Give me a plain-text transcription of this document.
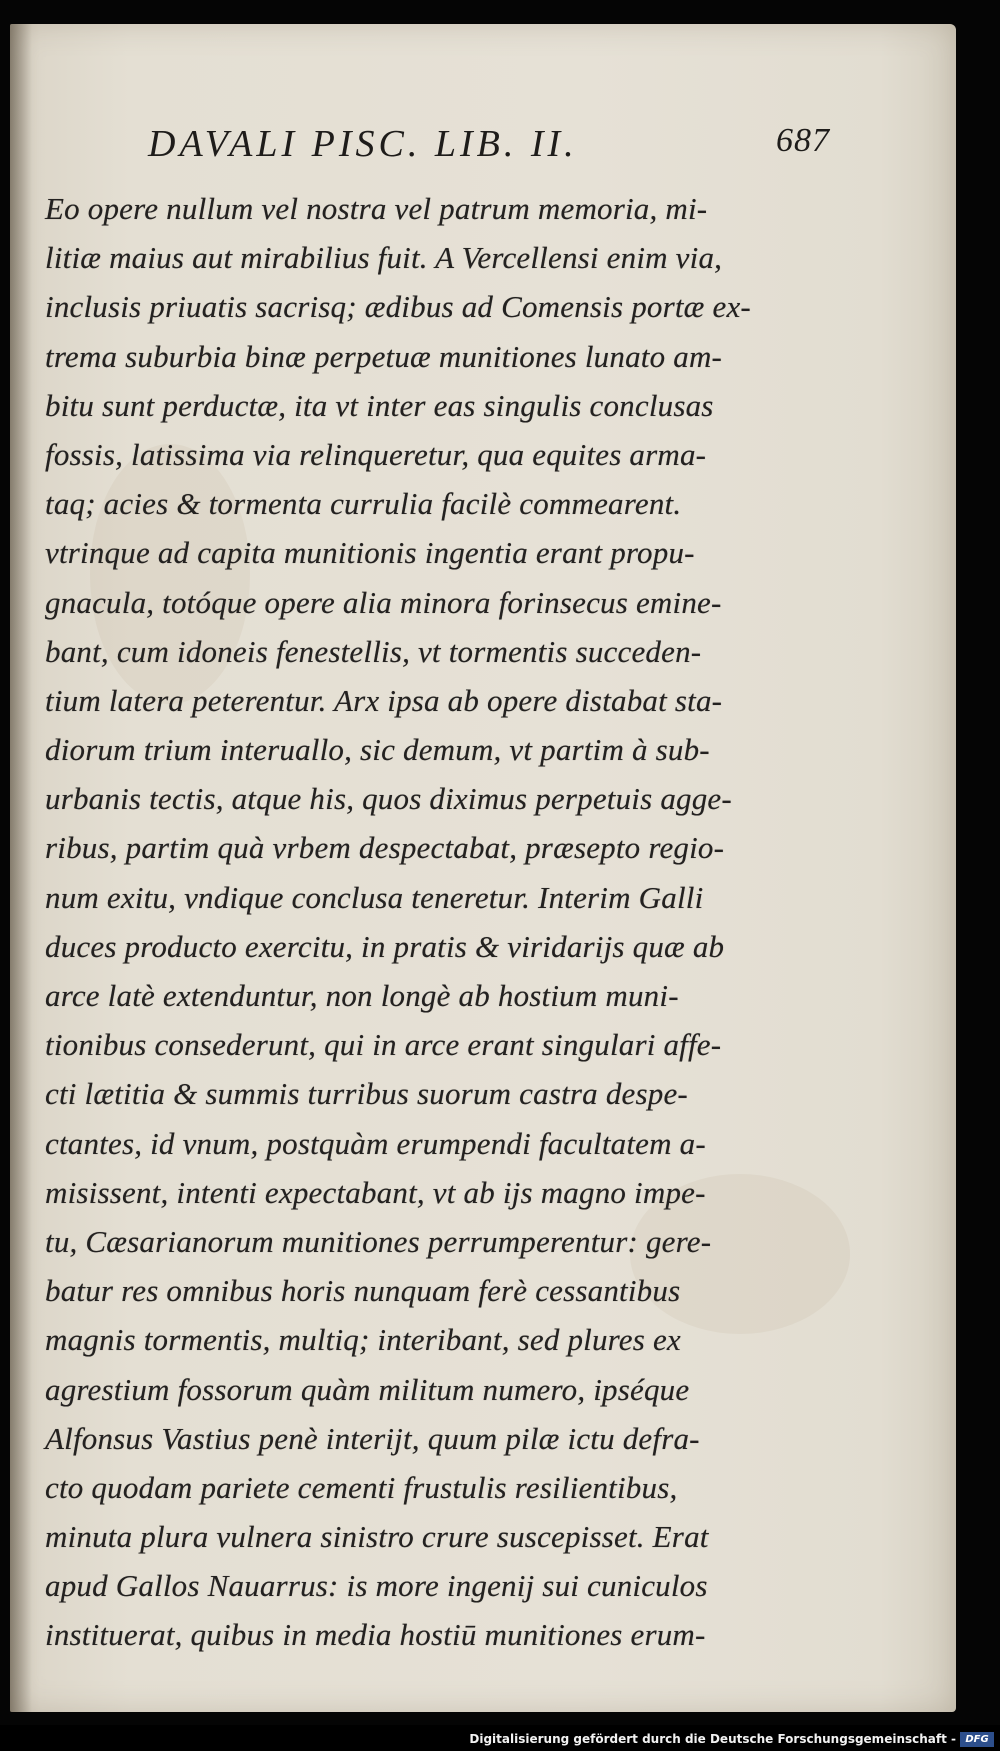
DAVALI PISC. LIB. II.	687
Eo opere nullum vel nostra vel patrum memoria, mi-
litiæ maius aut mirabilius fuit. A Vercellensi enim via,
inclusis priuatis sacrisq; ædibus ad Comensis portæ ex-
trema suburbia binæ perpetuæ munitiones lunato am-
bitu sunt perductæ, ita vt inter eas singulis conclusas
fossis, latissima via relinqueretur, qua equites arma-
taq; acies & tormenta currulia facilè commearent.
vtrinque ad capita munitionis ingentia erant propu-
gnacula, totóque opere alia minora forinsecus emine-
bant, cum idoneis fenestellis, vt tormentis succeden-
tium latera peterentur. Arx ipsa ab opere distabat sta-
diorum trium interuallo, sic demum, vt partim à sub-
urbanis tectis, atque his, quos diximus perpetuis agge-
ribus, partim quà vrbem despectabat, præsepto regio-
num exitu, vndique conclusa teneretur. Interim Galli
duces producto exercitu, in pratis & viridarijs quæ ab
arce latè extenduntur, non longè ab hostium muni-
tionibus consederunt, qui in arce erant singulari affe-
cti lætitia & summis turribus suorum castra despe-
ctantes, id vnum, postquàm erumpendi facultatem a-
misissent, intenti expectabant, vt ab ijs magno impe-
tu, Cæsarianorum munitiones perrumperentur: gere-
batur res omnibus horis nunquam ferè cessantibus
magnis tormentis, multiq; interibant, sed plures ex
agrestium fossorum quàm militum numero, ipséque
Alfonsus Vastius penè interijt, quum pilæ ictu defra-
cto quodam pariete cementi frustulis resilientibus,
minuta plura vulnera sinistro crure suscepisset. Erat
apud Gallos Nauarrus: is more ingenij sui cuniculos
instituerat, quibus in media hostiū munitiones erum-
Digitalisierung gefördert durch die Deutsche Forschungsgemeinschaft - DFG
